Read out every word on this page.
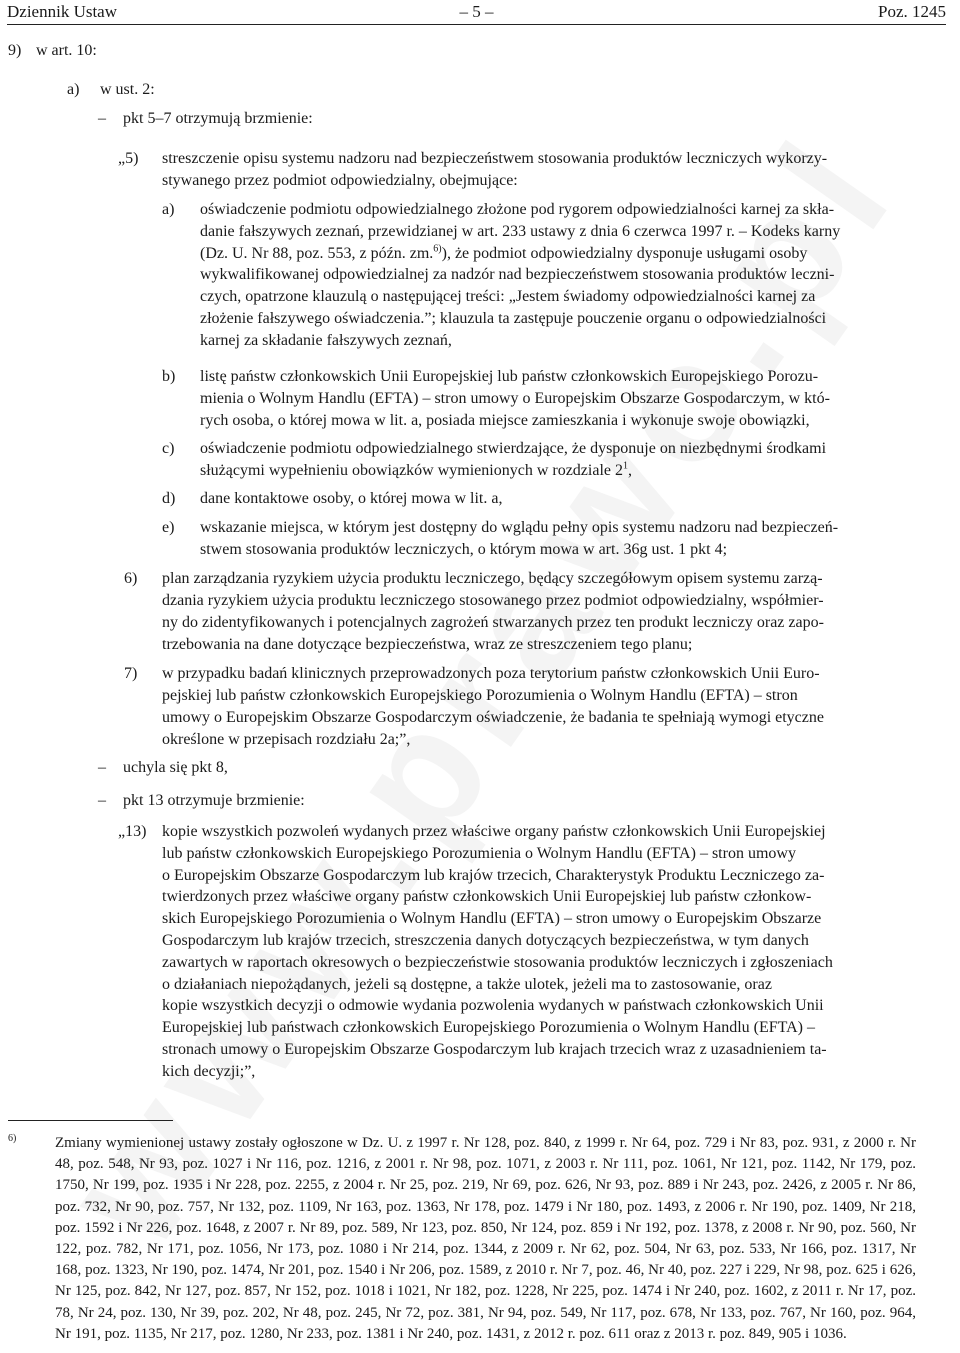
Dziennik Ustaw	– 5 –	Poz. 1245
9) w art. 10:
a) w ust. 2:
– pkt 5–7 otrzymują brzmienie:
„5) streszczenie opisu systemu nadzoru nad bezpieczeństwem stosowania produktów leczniczych wykorzy-
stywanego przez podmiot odpowiedzialny, obejmujące:
a) oświadczenie podmiotu odpowiedzialnego złożone pod rygorem odpowiedzialności karnej za skła-
danie fałszywych zeznań, przewidzianej w art. 233 ustawy z dnia 6 czerwca 1997 r. – Kodeks karny
(Dz. U. Nr 88, poz. 553, z późn. zm.$^{6)}$), że podmiot odpowiedzialny dysponuje usługami osoby
wykwalifikowanej odpowiedzialnej za nadzór nad bezpieczeństwem stosowania produktów leczni-
czych, opatrzone klauzulą o następującej treści: „Jestem świadomy odpowiedzialności karnej za
złożenie fałszywego oświadczenia.”; klauzula ta zastępuje pouczenie organu o odpowiedzialności
karnej za składanie fałszywych zeznań,
b) listę państw członkowskich Unii Europejskiej lub państw członkowskich Europejskiego Porozu-
mienia o Wolnym Handlu (EFTA) – stron umowy o Europejskim Obszarze Gospodarczym, w któ-
rych osoba, o której mowa w lit. a, posiada miejsce zamieszkania i wykonuje swoje obowiązki,
c) oświadczenie podmiotu odpowiedzialnego stwierdzające, że dysponuje on niezbędnymi środkami
służącymi wypełnieniu obowiązków wymienionych w rozdziale $2^1$,
d) dane kontaktowe osoby, o której mowa w lit. a,
e) wskazanie miejsca, w którym jest dostępny do wglądu pełny opis systemu nadzoru nad bezpieczeń-
stwem stosowania produktów leczniczych, o którym mowa w art. 36g ust. 1 pkt 4;
6) plan zarządzania ryzykiem użycia produktu leczniczego, będący szczegółowym opisem systemu zarzą-
dzania ryzykiem użycia produktu leczniczego stosowanego przez podmiot odpowiedzialny, współmier-
ny do zidentyfikowanych i potencjalnych zagrożeń stwarzanych przez ten produkt leczniczy oraz zapo-
trzebowania na dane dotyczące bezpieczeństwa, wraz ze streszczeniem tego planu;
7) w przypadku badań klinicznych przeprowadzonych poza terytorium państw członkowskich Unii Euro-
pejskiej lub państw członkowskich Europejskiego Porozumienia o Wolnym Handlu (EFTA) – stron
umowy o Europejskim Obszarze Gospodarczym oświadczenie, że badania te spełniają wymogi etyczne
określone w przepisach rozdziału 2a;”,
– uchyla się pkt 8,
– pkt 13 otrzymuje brzmienie:
„13) kopie wszystkich pozwoleń wydanych przez właściwe organy państw członkowskich Unii Europejskiej
lub państw członkowskich Europejskiego Porozumienia o Wolnym Handlu (EFTA) – stron umowy
o Europejskim Obszarze Gospodarczym lub krajów trzecich, Charakterystyk Produktu Leczniczego za-
twierdzonych przez właściwe organy państw członkowskich Unii Europejskiej lub państw członkow-
skich Europejskiego Porozumienia o Wolnym Handlu (EFTA) – stron umowy o Europejskim Obszarze
Gospodarczym lub krajów trzecich, streszczenia danych dotyczących bezpieczeństwa, w tym danych
zawartych w raportach okresowych o bezpieczeństwie stosowania produktów leczniczych i zgłoszeniach
o działaniach niepożądanych, jeżeli są dostępne, a także ulotek, jeżeli ma to zastosowanie, oraz
kopie wszystkich decyzji o odmowie wydania pozwolenia wydanych w państwach członkowskich Unii
Europejskiej lub państwach członkowskich Europejskiego Porozumienia o Wolnym Handlu (EFTA) –
stronach umowy o Europejskim Obszarze Gospodarczym lub krajach trzecich wraz z uzasadnieniem ta-
kich decyzji;”,
6)	Zmiany wymienionej ustawy zostały ogłoszone w Dz. U. z 1997 r. Nr 128, poz. 840, z 1999 r. Nr 64, poz. 729 i Nr 83, poz. 931, z 2000 r. Nr 48, poz. 548, Nr 93, poz. 1027 i Nr 116, poz. 1216, z 2001 r. Nr 98, poz. 1071, z 2003 r. Nr 111, poz. 1061, Nr 121, poz. 1142, Nr 179, poz. 1750, Nr 199, poz. 1935 i Nr 228, poz. 2255, z 2004 r. Nr 25, poz. 219, Nr 69, poz. 626, Nr 93, poz. 889 i Nr 243, poz. 2426, z 2005 r. Nr 86, poz. 732, Nr 90, poz. 757, Nr 132, poz. 1109, Nr 163, poz. 1363, Nr 178, poz. 1479 i Nr 180, poz. 1493, z 2006 r. Nr 190, poz. 1409, Nr 218, poz. 1592 i Nr 226, poz. 1648, z 2007 r. Nr 89, poz. 589, Nr 123, poz. 850, Nr 124, poz. 859 i Nr 192, poz. 1378, z 2008 r. Nr 90, poz. 560, Nr 122, poz. 782, Nr 171, poz. 1056, Nr 173, poz. 1080 i Nr 214, poz. 1344, z 2009 r. Nr 62, poz. 504, Nr 63, poz. 533, Nr 166, poz. 1317, Nr 168, poz. 1323, Nr 190, poz. 1474, Nr 201, poz. 1540 i Nr 206, poz. 1589, z 2010 r. Nr 7, poz. 46, Nr 40, poz. 227 i 229, Nr 98, poz. 625 i 626, Nr 125, poz. 842, Nr 127, poz. 857, Nr 152, poz. 1018 i 1021, Nr 182, poz. 1228, Nr 225, poz. 1474 i Nr 240, poz. 1602, z 2011 r. Nr 17, poz. 78, Nr 24, poz. 130, Nr 39, poz. 202, Nr 48, poz. 245, Nr 72, poz. 381, Nr 94, poz. 549, Nr 117, poz. 678, Nr 133, poz. 767, Nr 160, poz. 964, Nr 191, poz. 1135, Nr 217, poz. 1280, Nr 233, poz. 1381 i Nr 240, poz. 1431, z 2012 r. poz. 611 oraz z 2013 r. poz. 849, 905 i 1036.
